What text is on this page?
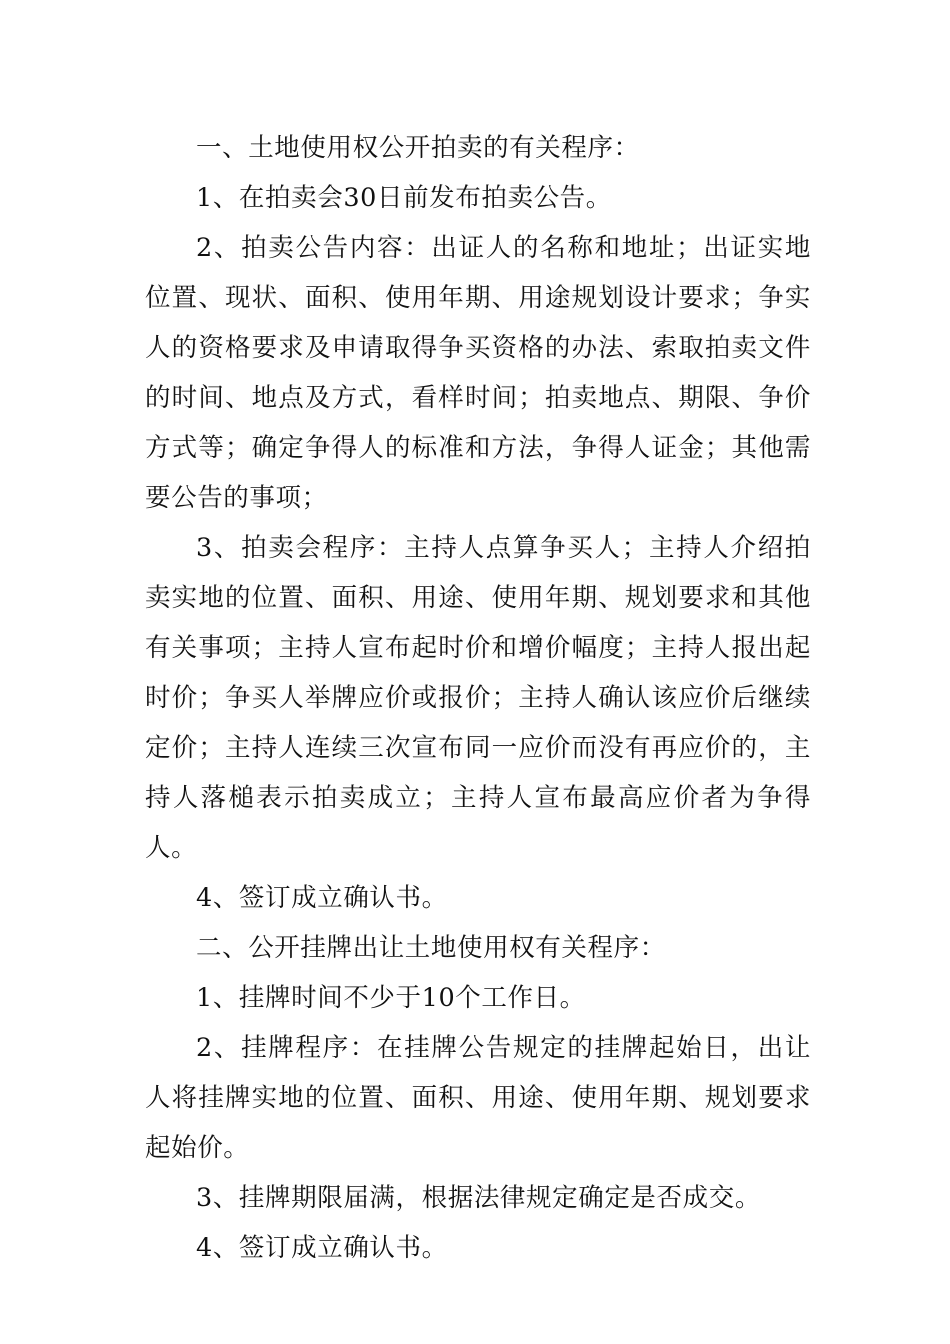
一、土地使用权公开拍卖的有关程序：

1、在拍卖会30日前发布拍卖公告。

2、拍卖公告内容：出证人的名称和地址；出证实地位置、现状、面积、使用年期、用途规划设计要求；争实人的资格要求及申请取得争买资格的办法、索取拍卖文件的时间、地点及方式，看样时间；拍卖地点、期限、争价方式等；确定争得人的标准和方法，争得人证金；其他需要公告的事项；

3、拍卖会程序：主持人点算争买人；主持人介绍拍卖实地的位置、面积、用途、使用年期、规划要求和其他有关事项；主持人宣布起时价和增价幅度；主持人报出起时价；争买人举牌应价或报价；主持人确认该应价后继续定价；主持人连续三次宣布同一应价而没有再应价的，主持人落槌表示拍卖成立；主持人宣布最高应价者为争得人。

4、签订成立确认书。

二、公开挂牌出让土地使用权有关程序：

1、挂牌时间不少于10个工作日。

2、挂牌程序：在挂牌公告规定的挂牌起始日，出让人将挂牌实地的位置、面积、用途、使用年期、规划要求起始价。

3、挂牌期限届满，根据法律规定确定是否成交。

4、签订成立确认书。
